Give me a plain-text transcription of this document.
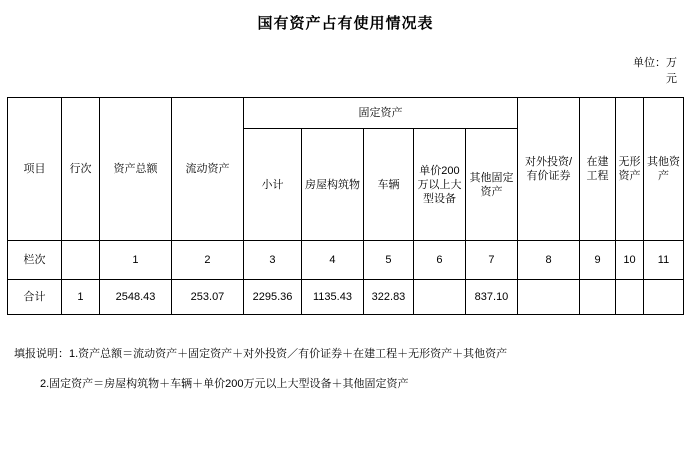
国有资产占有使用情况表
单位：万
元
项目	行次	资产总额	流动资产	固定资产					对外投资/有价证券	在建工程	无形资产	其他资产
				小计	房屋构筑物	车辆	单价200万以上大型设备	其他固定资产				
栏次		1	2	3	4	5	6	7	8	9	10	11
合计	1	2548.43	253.07	2295.36	1135.43	322.83		837.10				
填报说明：1.资产总额＝流动资产＋固定资产＋对外投资／有价证券＋在建工程＋无形资产＋其他资产
2.固定资产＝房屋构筑物＋车辆＋单价200万元以上大型设备＋其他固定资产
